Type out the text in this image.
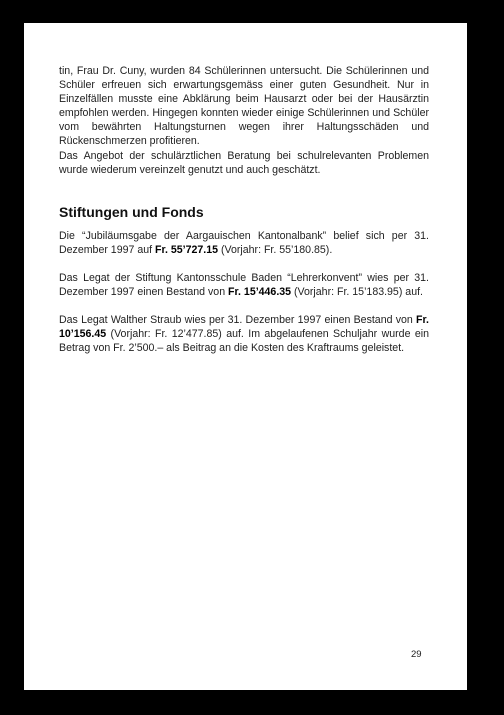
tin, Frau Dr. Cuny, wurden 84 Schülerinnen untersucht. Die Schülerinnen und Schüler erfreuen sich erwartungsgemäss einer guten Gesundheit. Nur in Einzelfällen musste eine Abklärung beim Hausarzt oder bei der Hausärztin empfohlen werden. Hingegen konnten wieder einige Schülerinnen und Schüler vom bewährten Haltungsturnen wegen ihrer Haltungsschäden und Rückenschmerzen profitieren.

Das Angebot der schulärztlichen Beratung bei schulrelevanten Problemen wurde wiederum vereinzelt genutzt und auch geschätzt.

Stiftungen und Fonds

Die “Jubiläumsgabe der Aargauischen Kantonalbank” belief sich per 31. Dezember 1997 auf Fr. 55’727.15 (Vorjahr: Fr. 55’180.85).

Das Legat der Stiftung Kantonsschule Baden “Lehrerkonvent” wies per 31. Dezember 1997 einen Bestand von Fr. 15’446.35 (Vorjahr: Fr. 15’183.95) auf.

Das Legat Walther Straub wies per 31. Dezember 1997 einen Bestand von Fr. 10’156.45 (Vorjahr: Fr. 12’477.85) auf. Im abgelaufenen Schuljahr wurde ein Betrag von Fr. 2’500.– als Beitrag an die Kosten des Kraftraums geleistet.

29
